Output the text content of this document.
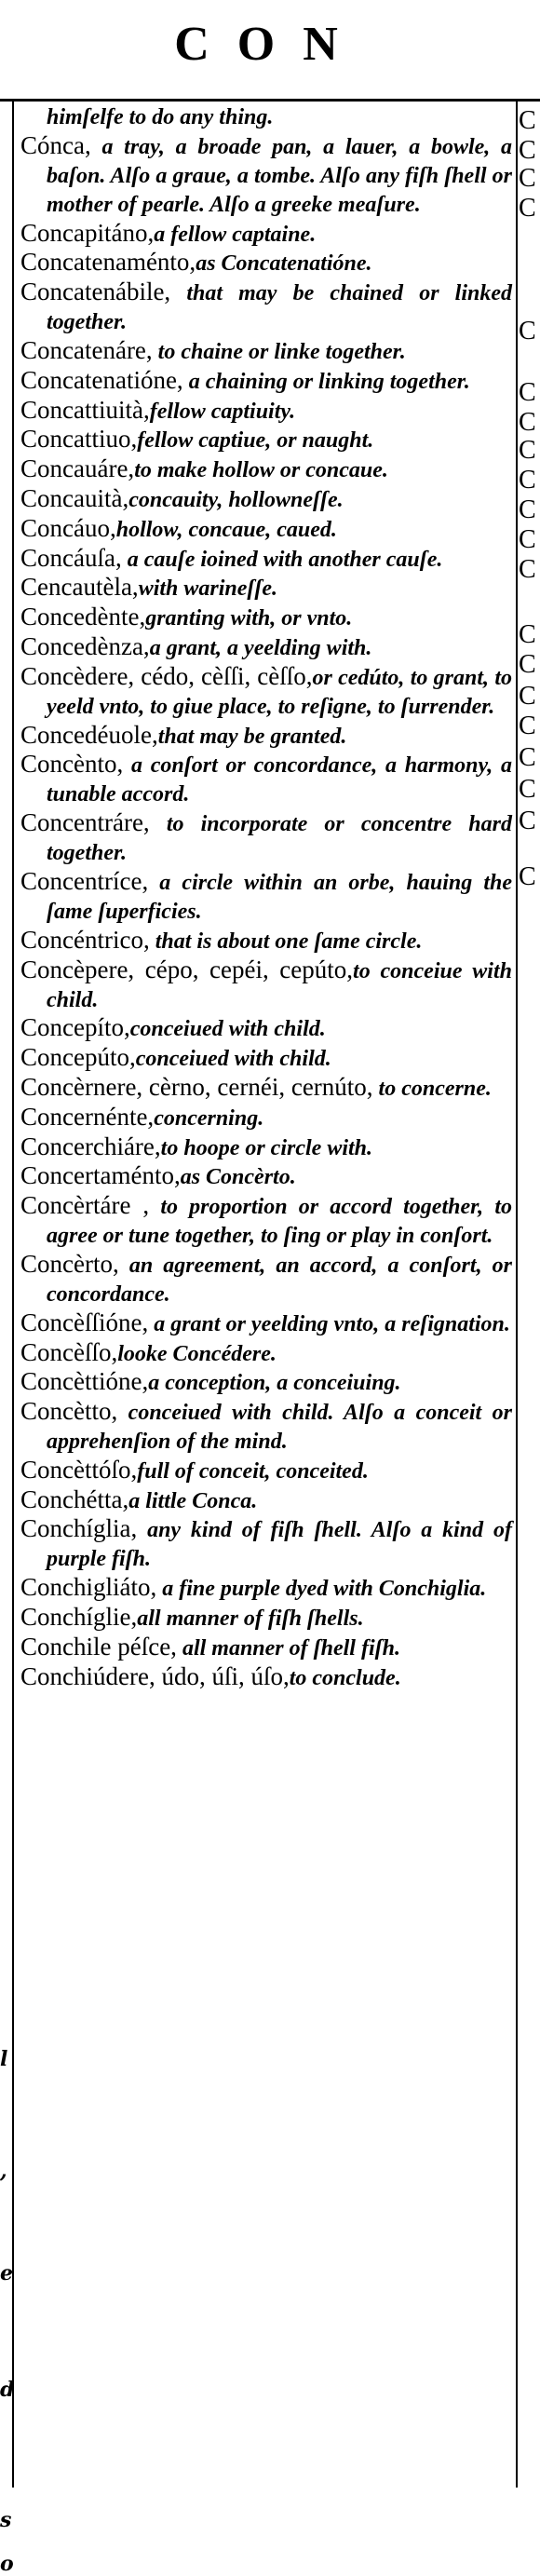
CON
l
,
e
d
s
o
C
C
C
C
C
C
C
C
C
C
C
C
C
C
C
C
C
C
C
C

himſelfe to do any thing.

Cónca, a tray, a broade pan, a lauer, a bowle, a baſon. Alſo a graue, a tombe. Alſo any fiſh ſhell or mother of pearle. Alſo a greeke meaſure.

Concapitáno,a fellow captaine.

Concatenaménto,as Concatenatióne.

Concatenábile, that may be chained or linked together.

Concatenáre, to chaine or linke together.

Concatenatióne, a chaining or linking together.

Concattiuità,fellow captiuity.

Concattiuo,fellow captiue, or naught.

Concauáre,to make hollow or concaue.

Concauità,concauity, hollowneſſe.

Concáuo,hollow, concaue, caued.

Concáuſa, a cauſe ioined with another cauſe.

Cencautèla,with warineſſe.

Concedènte,granting with, or vnto.

Concedènza,a grant, a yeelding with.

Concèdere, cédo, cèſſi, cèſſo,or cedúto, to grant, to yeeld vnto, to giue place, to reſigne, to ſurrender.

Concedéuole,that may be granted.

Concènto, a conſort or concordance, a harmony, a tunable accord.

Concentráre, to incorporate or concentre hard together.

Concentríce, a circle within an orbe, hauing the ſame ſuperficies.

Concéntrico, that is about one ſame circle.

Concèpere, cépo, cepéi, cepúto,to conceiue with child.

Concepíto,conceiued with child.

Concepúto,conceiued with child.

Concèrnere, cèrno, cernéi, cernúto, to concerne.

Concernénte,concerning.

Concerchiáre,to hoope or circle with.

Concertaménto,as Concèrto.

Concèrtáre , to proportion or accord together, to agree or tune together, to ſing or play in conſort.

Concèrto, an agreement, an accord, a conſort, or concordance.

Concèſſióne, a grant or yeelding vnto, a reſignation.

Concèſſo,looke Concédere.

Concèttióne,a conception, a conceiuing.

Concètto, conceiued with child. Alſo a conceit or apprehenſion of the mind.

Concèttóſo,full of conceit, conceited.

Conchétta,a little Conca.

Conchíglia, any kind of fiſh ſhell. Alſo a kind of purple fiſh.

Conchigliáto, a fine purple dyed with Conchiglia.

Conchíglie,all manner of fiſh ſhells.

Conchile péſce, all manner of ſhell fiſh.

Conchiúdere, údo, úſi, úſo,to conclude.
